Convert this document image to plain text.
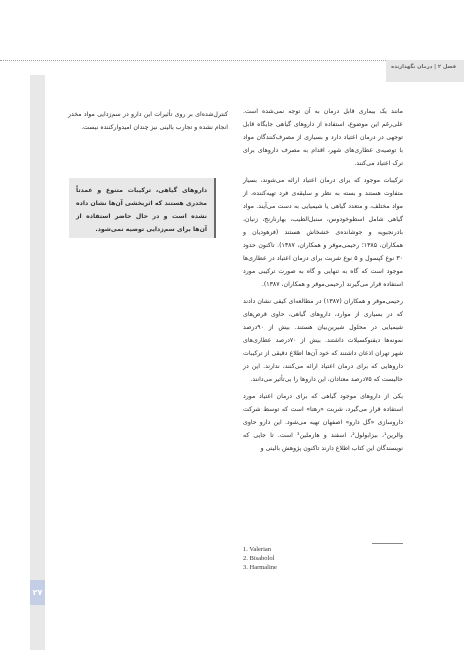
فصل ۲ | درمان نگهدارنده
۲۷

مانند یک بیماری قابل درمان به آن توجه نمی‌شده است. علی‌رغم این موضوع، استفاده از داروهای گیاهی جایگاه قابل توجهی در درمان اعتیاد دارد و بسیاری از مصرف‌کنندگان مواد با توصیه‌ی عطاری‌های شهر، اقدام به مصرف داروهای برای ترک اعتیاد می‌کنند.

ترکیبات موجود که برای درمان اعتیاد ارائه می‌شوند، بسیار متفاوت هستند و بسته به نظر و سلیقه‌ی فرد تهیه‌کننده، از مواد مختلف، و متعدد گیاهی یا شیمیایی به دست می‌آیند. مواد گیاهی شامل اسطوخودوس، سنبل‌الطیب، بهارنارنج، زنیان، بادرنجبویه و جوشانده‌ی خشخاش هستند (فرهودیان و همکاران، ۱۳۸۵؛ رحیمی‌موقر و همکاران، ۱۳۸۷). تاکنون حدود ۳۰ نوع کپسول و ۵ نوع شربت برای درمان اعتیاد در عطاری‌ها موجود است که گاه به تنهایی و گاه به صورت ترکیبی مورد استفاده قرار می‌گیرند (رحیمی‌موقر و همکاران، ۱۳۸۷).

رحیمی‌موقر و همکاران (۱۳۸۷) در مطالعه‌ای کیفی نشان دادند که در بسیاری از موارد، داروهای گیاهی، حاوی قرص‌های شیمیایی در محلول شیرین‌بیان هستند. بیش از ۹۰درصد نمونه‌ها دیفنوکسیلات داشتند. بیش از ۷۰درصد عطاری‌های شهر تهران اذعان داشتند که خود آن‌ها اطلاع دقیقی از ترکیبات داروهایی که برای درمان اعتیاد ارائه می‌کنند، ندارند. این در حالیست که ۷۵درصد معتادان، این داروها را بی‌تأثیر می‌دانند.

یکی از داروهای موجود گیاهی که برای درمان اعتیاد مورد استفاده قرار می‌گیرد، شربت «رهتا» است که توسط شرکت داروسازی «گل دارو» اصفهان تهیه می‌شود. این دارو حاوی والرین¹، بیزابولول²، اسفند و هارملین³ است. تا جایی که نویسندگان این کتاب اطلاع دارند تاکنون پژوهش بالینی و

کنترل‌شده‌ای بر روی تأثیرات این دارو در سم‌زدایی مواد مخدر انجام نشده و تجارب بالینی نیز چندان امیدوارکننده نیست.

داروهای گیاهی، ترکیبات متنوع و عمدتاً مخدری هستند که اثربخشی آن‌ها نشان داده نشده است و در حال حاضر استفاده از آن‌ها برای سم‌زدایی توصیه نمی‌شود.
1. Valerian
2. Bisabolol
3. Harmaline
